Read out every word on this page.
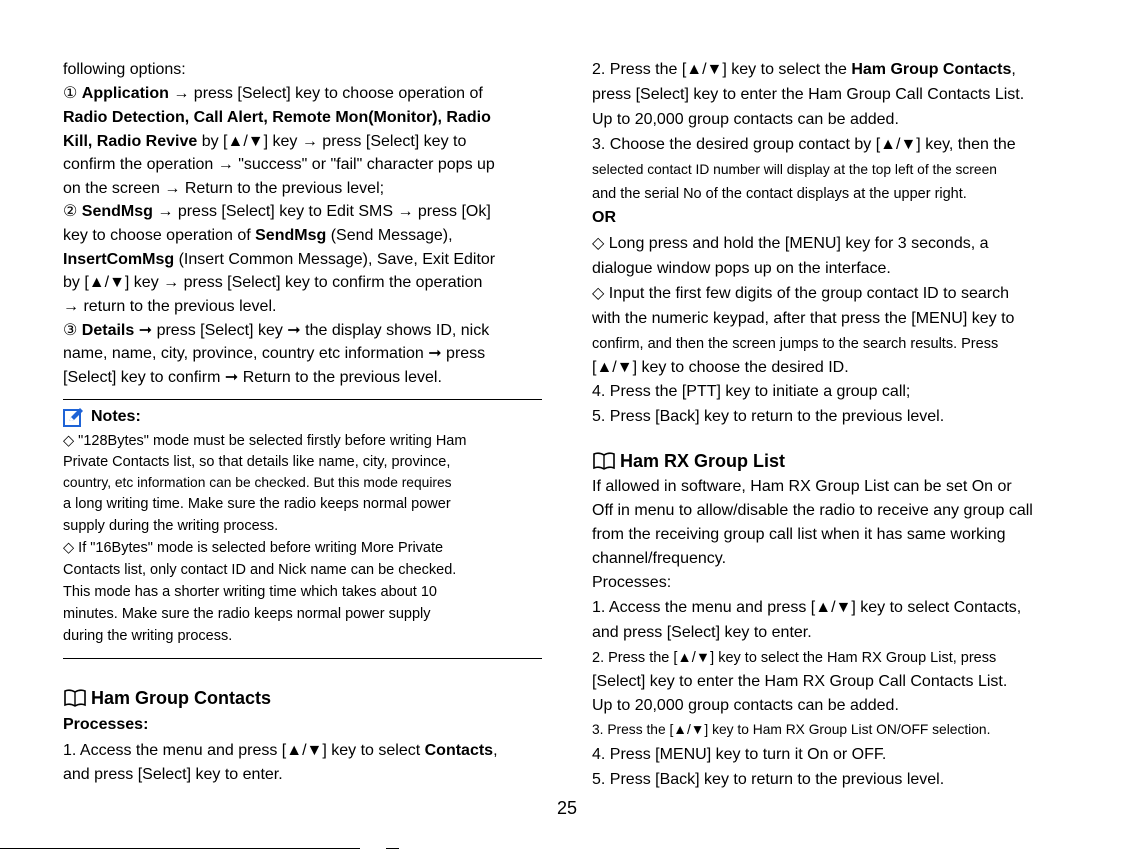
following options:
① Application → press [Select] key to choose operation of
Radio Detection, Call Alert, Remote Mon(Monitor), Radio
Kill, Radio Revive by [▲/▼] key → press [Select] key to
confirm the operation → "success" or "fail" character pops up
on the screen → Return to the previous level;
② SendMsg → press [Select] key to Edit SMS → press [Ok]
key to choose operation of SendMsg (Send Message),
InsertComMsg (Insert Common Message), Save, Exit Editor
by [▲/▼] key → press [Select] key to confirm the operation
→ return to the previous level.
③ Details ➞ press [Select] key ➞ the display shows ID, nick
name, name, city, province, country etc information ➞ press
[Select] key to confirm ➞ Return to the previous level.
Notes:
◇ "128Bytes" mode must be selected firstly before writing Ham
Private Contacts list, so that details like name, city, province,
country, etc information can be checked. But this mode requires
a long writing time. Make sure the radio keeps normal power
supply during the writing process.
◇ If "16Bytes" mode is selected before writing More Private
Contacts list, only contact ID and Nick name can be checked.
This mode has a shorter writing time which takes about 10
minutes. Make sure the radio keeps normal power supply
during the writing process.
Ham Group Contacts
Processes:
1. Access the menu and press [▲/▼] key to select Contacts,
and press [Select] key to enter.
2. Press the [▲/▼] key to select the Ham Group Contacts,
press [Select] key to enter the Ham Group Call Contacts List.
Up to 20,000 group contacts can be added.
3. Choose the desired group contact by [▲/▼] key, then the
selected contact ID number will display at the top left of the screen
and the serial No of the contact displays at the upper right.
OR
◇ Long press and hold the [MENU] key for 3 seconds, a
dialogue window pops up on the interface.
◇ Input the first few digits of the group contact ID to search
with the numeric keypad, after that press the [MENU] key to
confirm, and then the screen jumps to the search results. Press
[▲/▼] key to choose the desired ID.
4. Press the [PTT] key to initiate a group call;
5. Press [Back] key to return to the previous level.
Ham RX Group List
If allowed in software, Ham RX Group List can be set On or
Off in menu to allow/disable the radio to receive any group call
from the receiving group call list when it has same working
channel/frequency.
Processes:
1. Access the menu and press [▲/▼] key to select Contacts,
and press [Select] key to enter.
2. Press the [▲/▼] key to select the Ham RX Group List, press
[Select] key to enter the Ham RX Group Call Contacts List.
Up to 20,000 group contacts can be added.
3. Press the [▲/▼] key to Ham RX Group List ON/OFF selection.
4. Press [MENU] key to turn it On or OFF.
5. Press [Back] key to return to the previous level.
25
